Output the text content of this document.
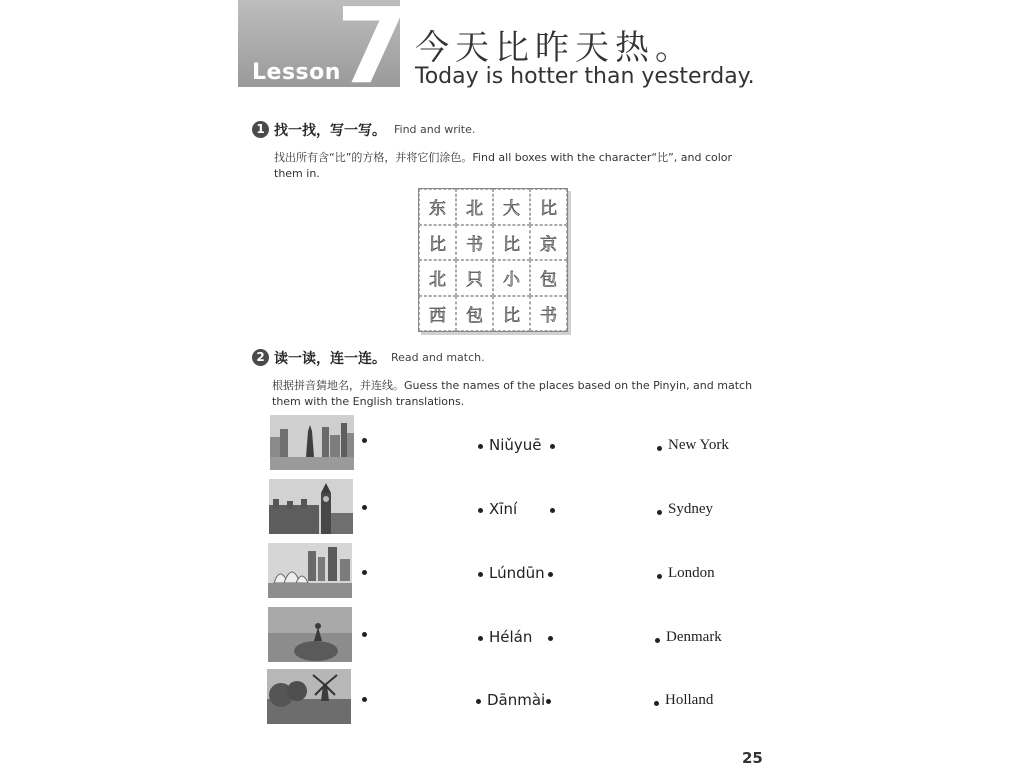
Lesson
7 今天比昨天热。
Today is hotter than yesterday.
1 找一找，写一写。 Find and write.
找出所有含“比”的方格，并将它们涂色。Find all boxes with the character“比”, and color
them in.
东	北	大	比
比	书	比	京
北	只	小	包
西	包	比	书
2 读一读，连一连。 Read and match.
根据拼音猜地名，并连线。Guess the names of the places based on the Pinyin, and match
them with the English translations.
Niǔyuē	New York
Xīní	Sydney
Lúndūn	London
Hélán	Denmark
Dānmài	Holland
25
